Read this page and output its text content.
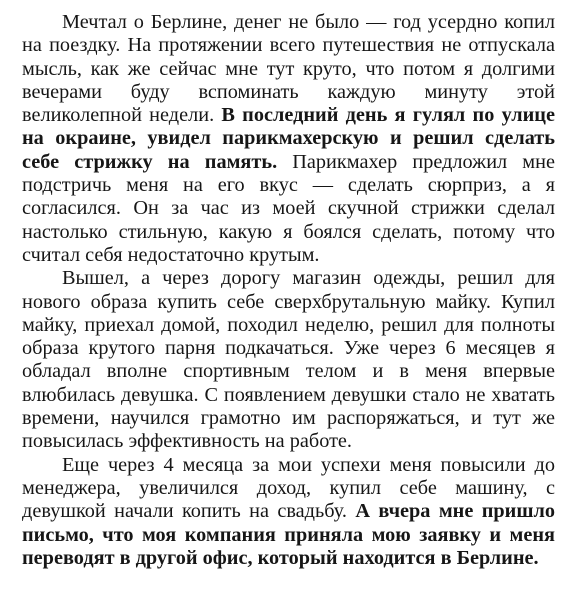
Мечтал о Берлине, денег не было — год усердно копил на поездку. На протяжении всего путешествия не отпускала мысль, как же сейчас мне тут круто, что потом я долгими вечерами буду вспоминать каждую минуту этой великолепной недели. В последний день я гулял по улице на окраине, увидел парикмахерскую и решил сделать себе стрижку на память. Парикмахер предложил мне подстричь меня на его вкус — сделать сюрприз, а я согласился. Он за час из моей скучной стрижки сделал настолько стильную, какую я боялся сделать, потому что считал себя недостаточно крутым.

Вышел, а через дорогу магазин одежды, решил для нового образа купить себе сверхбрутальную майку. Купил майку, приехал домой, походил неделю, решил для полноты образа крутого парня подкачаться. Уже через 6 месяцев я обладал вполне спортивным телом и в меня впервые влюбилась девушка. С появлением девушки стало не хватать времени, научился грамотно им распоряжаться, и тут же повысилась эффективность на работе.

Еще через 4 месяца за мои успехи меня повысили до менеджера, увеличился доход, купил себе машину, с девушкой начали копить на свадьбу. А вчера мне пришло письмо, что моя компания приняла мою заявку и меня переводят в другой офис, который находится в Берлине.
